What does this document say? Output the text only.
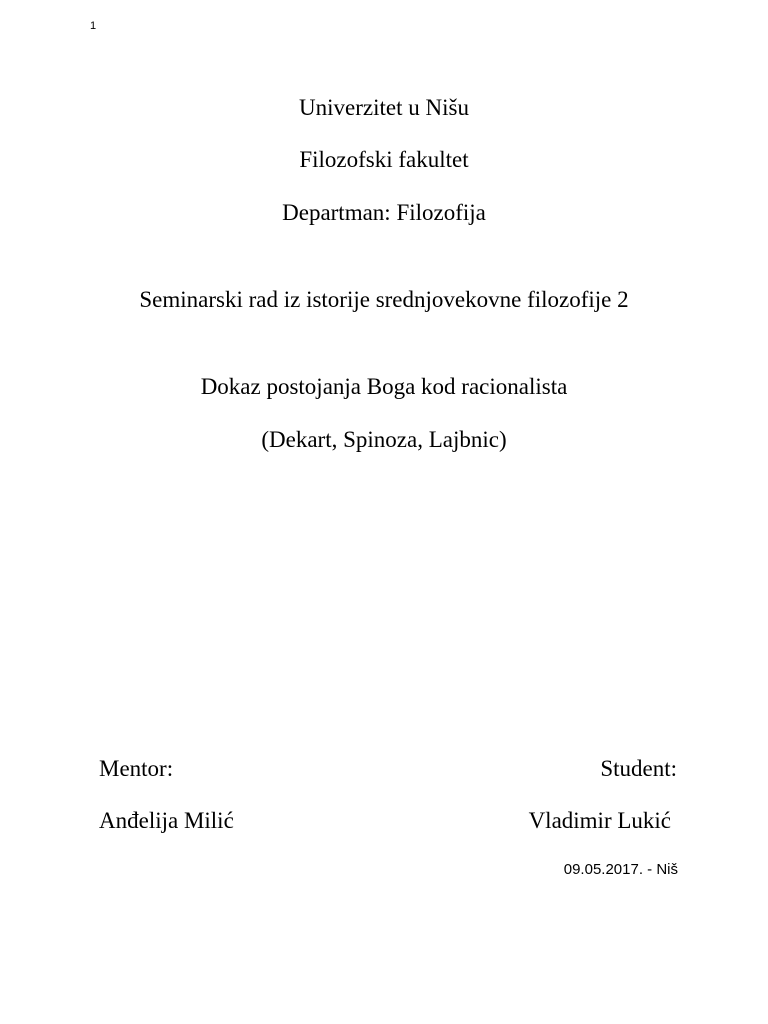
1
Univerzitet u Nišu
Filozofski fakultet
Departman: Filozofija
Seminarski rad iz istorije srednjovekovne filozofije 2
Dokaz postojanja Boga kod racionalista
(Dekart, Spinoza, Lajbnic)
Mentor:
Anđelija Milić
Student:
Vladimir Lukić
09.05.2017. - Niš
